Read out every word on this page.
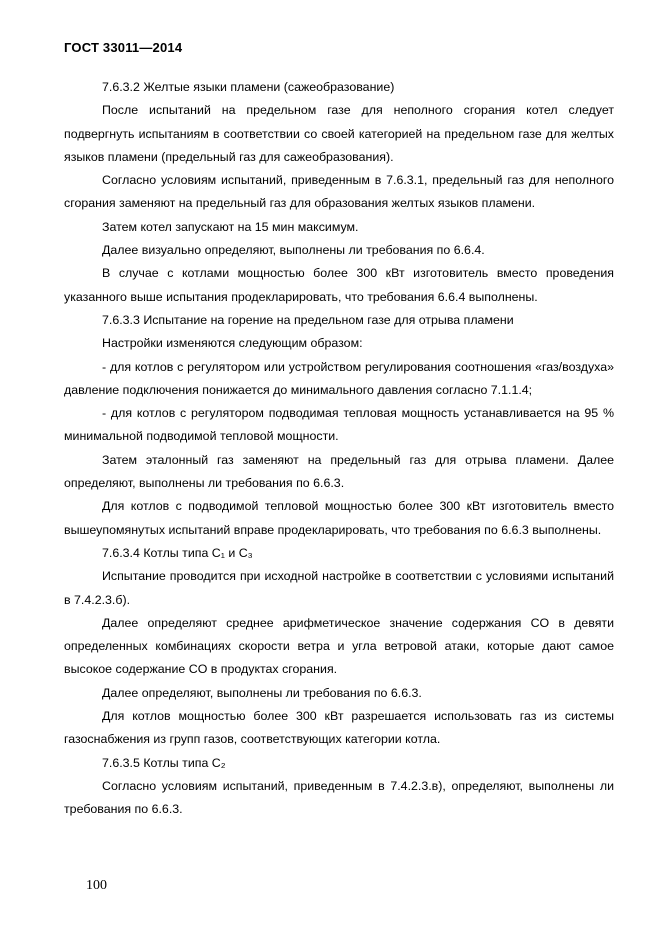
ГОСТ 33011—2014

7.6.3.2 Желтые языки пламени (сажеобразование)

После испытаний на предельном газе для неполного сгорания котел следует подвергнуть испытаниям в соответствии со своей категорией на предельном газе для желтых языков пламени (предельный газ для сажеобразования).

Согласно условиям испытаний, приведенным в 7.6.3.1, предельный газ для неполного сгорания заменяют на предельный газ для образования желтых языков пламени.

Затем котел запускают на 15 мин максимум.

Далее визуально определяют, выполнены ли требования по 6.6.4.

В случае с котлами мощностью более 300 кВт изготовитель вместо проведения указанного выше испытания продекларировать, что требования 6.6.4 выполнены.

7.6.3.3 Испытание на горение на предельном газе для отрыва пламени

Настройки изменяются следующим образом:

- для котлов с регулятором или устройством регулирования соотношения «газ/воздуха» давление подключения понижается до минимального давления согласно 7.1.1.4;

- для котлов с регулятором подводимая тепловая мощность устанавливается на 95 % минимальной подводимой тепловой мощности.

Затем эталонный газ заменяют на предельный газ для отрыва пламени. Далее определяют, выполнены ли требования по 6.6.3.

Для котлов с подводимой тепловой мощностью более 300 кВт изготовитель вместо вышеупомянутых испытаний вправе продекларировать, что требования по 6.6.3 выполнены.

7.6.3.4 Котлы типа C₁ и C₃

Испытание проводится при исходной настройке в соответствии с условиями испытаний в 7.4.2.3.б).

Далее определяют среднее арифметическое значение содержания CO в девяти определенных комбинациях скорости ветра и угла ветровой атаки, которые дают самое высокое содержание CO в продуктах сгорания.

Далее определяют, выполнены ли требования по 6.6.3.

Для котлов мощностью более 300 кВт разрешается использовать газ из системы газоснабжения из групп газов, соответствующих категории котла.

7.6.3.5 Котлы типа C₂

Согласно условиям испытаний, приведенным в 7.4.2.3.в), определяют, выполнены ли требования по 6.6.3.

100
